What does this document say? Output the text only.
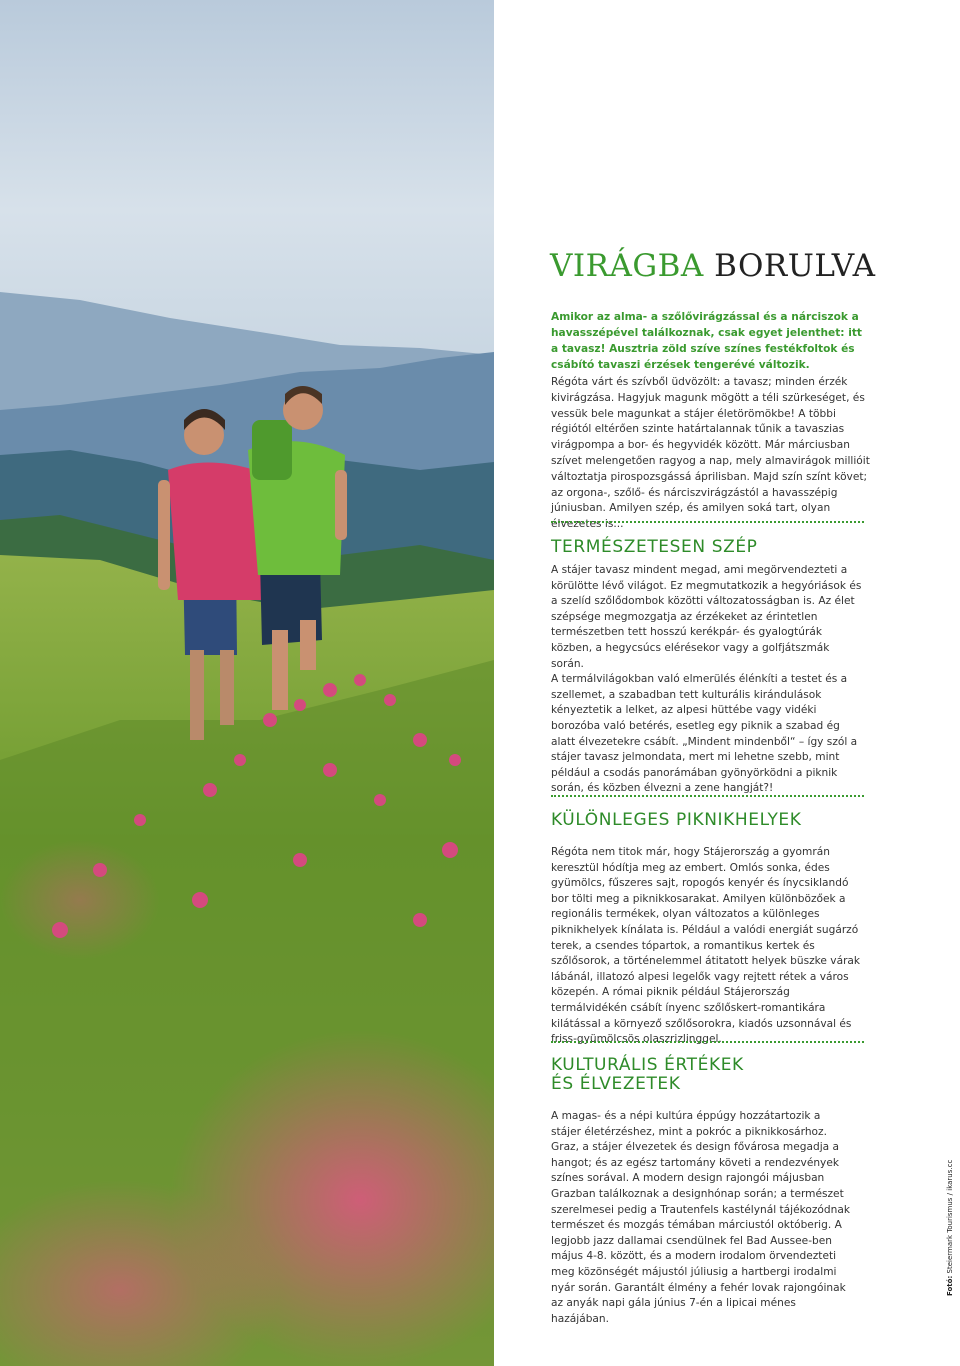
VIRÁGBA BORULVA

Amikor az alma- a szőlővirágzással és a nárciszok a havasszépével találkoznak, csak egyet jelenthet: itt a tavasz! Ausztria zöld szíve színes festékfoltok és csábító tavaszi érzések tengerévé változik.

Régóta várt és szívből üdvözölt: a tavasz; minden érzék kivirágzása. Hagyjuk magunk mögött a téli szürkeséget, és vessük bele magunkat a stájer életörömökbe! A többi régiótól eltérően szinte határtalannak tűnik a tavaszias virágpompa a bor- és hegyvidék között. Már márciusban szívet melengetően ragyog a nap, mely almavirágok millióit változtatja pirospozsgássá áprilisban. Majd szín színt követ; az orgona-, szőlő- és nárciszvirágzástól a havasszépig júniusban. Amilyen szép, és amilyen soká tart, olyan élvezetes is...

TERMÉSZETESEN SZÉP

A stájer tavasz mindent megad, ami megörvendezteti a körülötte lévő világot. Ez megmutatkozik a hegyóriások és a szelíd szőlődombok közötti változatosságban is. Az élet szépsége megmozgatja az érzékeket az érintetlen természetben tett hosszú kerékpár- és gyalogtúrák közben, a hegycsúcs elérésekor vagy a golfjátszmák során.

A termálvilágokban való elmerülés élénkíti a testet és a szellemet, a szabadban tett kulturális kirándulások kényeztetik a lelket, az alpesi hüttébe vagy vidéki borozóba való betérés, esetleg egy piknik a szabad ég alatt élvezetekre csábít. „Mindent mindenből“ – így szól a stájer tavasz jelmondata, mert mi lehetne szebb, mint például a csodás panorámában gyönyörködni a piknik során, és közben élvezni a zene hangját?!

KÜLÖNLEGES PIKNIKHELYEK

Régóta nem titok már, hogy Stájerország a gyomrán keresztül hódítja meg az embert. Omlós sonka, édes gyümölcs, fűszeres sajt, ropogós kenyér és ínycsiklandó bor tölti meg a piknikkosarakat. Amilyen különbözőek a regionális termékek, olyan változatos a különleges piknikhelyek kínálata is. Például a valódi energiát sugárzó terek, a csendes tópartok, a romantikus kertek és szőlősorok, a történelemmel átitatott helyek büszke várak lábánál, illatozó alpesi legelők vagy rejtett rétek a város közepén. A római piknik például Stájerország termálvidékén csábít ínyenc szőlőskert-romantikára kilátással a környező szőlősorokra, kiadós uzsonnával és friss-gyümölcsös olaszrizlinggel.

KULTURÁLIS ÉRTÉKEK
ÉS ÉLVEZETEK

A magas- és a népi kultúra éppúgy hozzátartozik a stájer életérzéshez, mint a pokróc a piknikkosárhoz. Graz, a stájer élvezetek és design fővárosa megadja a hangot; és az egész tartomány követi a rendezvények színes sorával. A modern design rajongói májusban Grazban találkoznak a designhónap során; a természet szerelmesei pedig a Trautenfels kastélynál tájékozódnak természet és mozgás témában márciustól októberig. A legjobb jazz dallamai csendülnek fel Bad Aussee-ben május 4-8. között, és a modern irodalom örvendezteti meg közönségét májustól júliusig a hartbergi irodalmi nyár során. Garantált élmény a fehér lovak rajongóinak az anyák napi gála június 7-én a lipicai ménes hazájában.

Fotó: Steiermark Tourismus / ikarus.cc
